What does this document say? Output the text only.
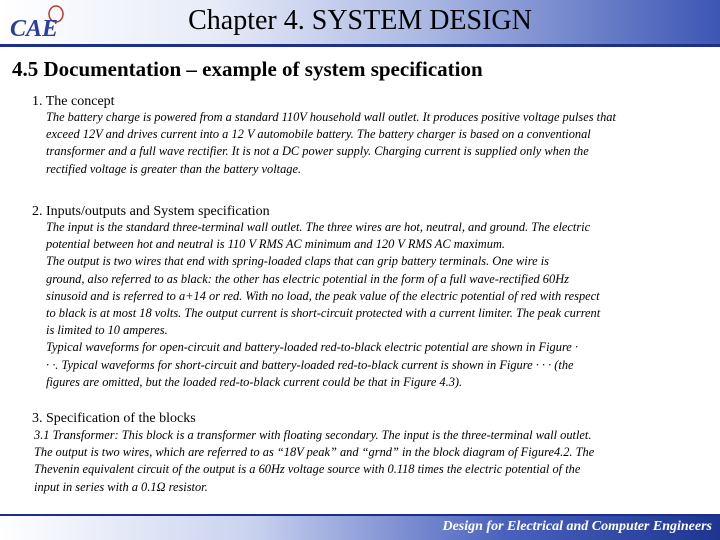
CAE	Chapter 4. SYSTEM DESIGN
4.5 Documentation – example of system specification
1. The concept
The battery charge is powered from a standard 110V household wall outlet. It produces positive voltage pulses that
exceed 12V and drives current into a 12 V automobile battery. The battery charger is based on a conventional
transformer and a full wave rectifier. It is not a DC power supply. Charging current is supplied only when the
rectified voltage is greater than the battery voltage.
2. Inputs/outputs and System specification
The input is the standard three-terminal wall outlet. The three wires are hot, neutral, and ground. The electric
potential between hot and neutral is 110 V RMS AC minimum and 120 V RMS AC maximum.
The output is two wires that end with spring-loaded claps that can grip battery terminals. One wire is
ground, also referred to as black: the other has electric potential in the form of a full wave-rectified 60Hz
sinusoid and is referred to a+14 or red. With no load, the peak value of the electric potential of red with respect
to black is at most 18 volts. The output current is short-circuit protected with a current limiter. The peak current
is limited to 10 amperes.
Typical waveforms for open-circuit and battery-loaded red-to-black electric potential are shown in Figure ·
· ·. Typical waveforms for short-circuit and battery-loaded red-to-black current is shown in Figure · · · (the
figures are omitted, but the loaded red-to-black current could be that in Figure 4.3).
3. Specification of the blocks
3.1 Transformer: This block is a transformer with floating secondary. The input is the three-terminal wall outlet.
The output is two wires, which are referred to as “18V peak” and “grnd” in the block diagram of Figure4.2. The
Thevenin equivalent circuit of the output is a 60Hz voltage source with 0.118 times the electric potential of the
input in series with a 0.1Ω resistor.
Design for Electrical and Computer Engineers
